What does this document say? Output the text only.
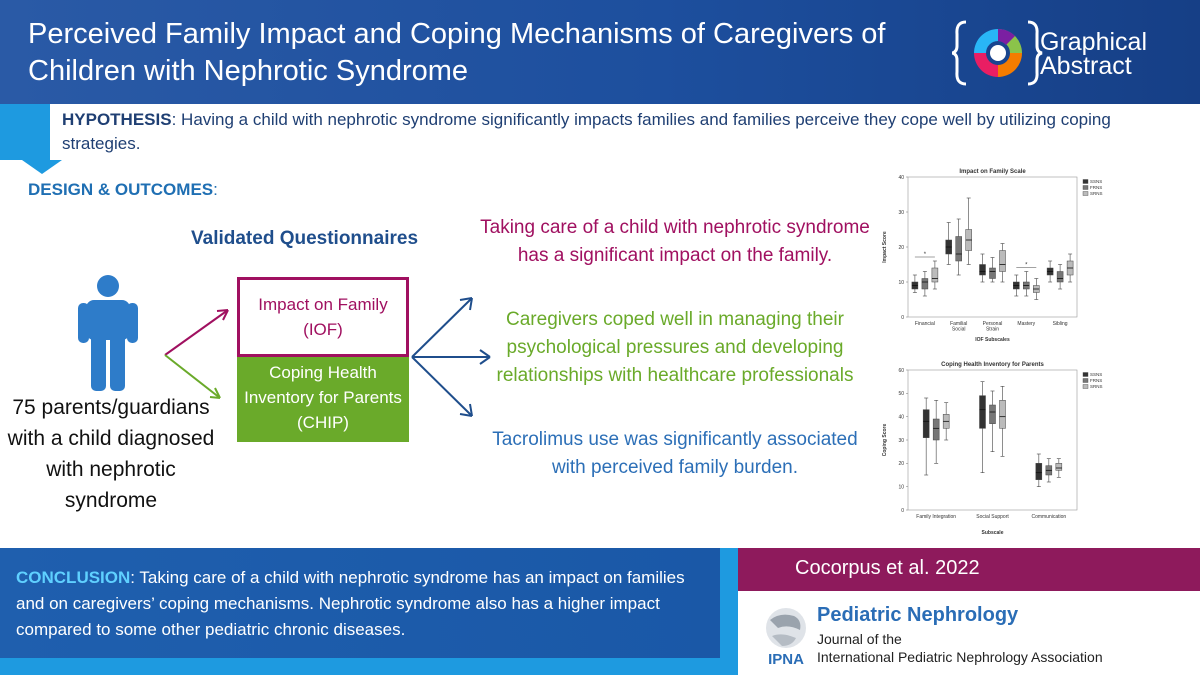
Perceived Family Impact and Coping Mechanisms of Caregivers of Children with Nephrotic Syndrome
Graphical
Abstract
HYPOTHESIS: Having a child with nephrotic syndrome significantly impacts families and families perceive they cope well by utilizing coping strategies.
DESIGN & OUTCOMES:
Validated Questionnaires
75 parents/guardians with a child diagnosed with nephrotic syndrome
Impact on Family (IOF)
Coping Health Inventory for Parents (CHIP)
Taking care of a child with nephrotic syndrome has a significant impact on the family.
Caregivers coped well in managing their psychological pressures and developing relationships with healthcare professionals
Tacrolimus use was significantly associated with perceived family burden.
Impact on Family Scale
0
10
20
30
40
Impact Score
IOF Subscales
Financial
*
Familial
Social
Personal
Strain
Mastery
*
Sibling
SSNS
FRNS
SRNS
Coping Health Inventory for Parents
0
10
20
30
40
50
60
Coping Score
Subscale
Family Integration	Social Support	Communication
SSNS
FRNS
SRNS
CONCLUSION: Taking care of a child with nephrotic syndrome has an impact on families and on caregivers’ coping mechanisms. Nephrotic syndrome also has a higher impact compared to some other pediatric chronic diseases.
Cocorpus et al. 2022
IPNA
Pediatric Nephrology
Journal of the
International Pediatric Nephrology Association
